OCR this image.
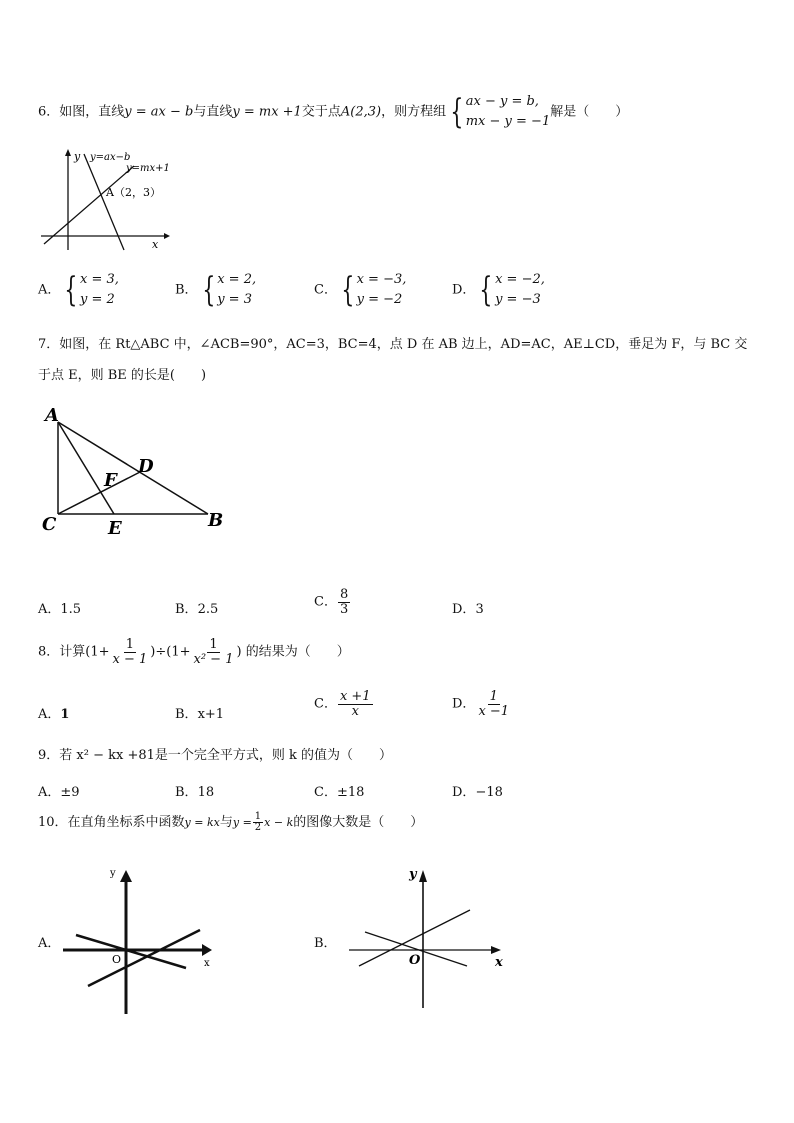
6．如图，直线y = ax − b与直线y = mx +1交于点A(2,3)，则方程组 { ax − y = b,
mx − y = −1
解是（　　）
y y=ax−b
y=mx+1
A（2，3）
x
A． { x = 3,
y = 2
B． { x = 2,
y = 3
C． { x = −3,
y = −2
D． { x = −2,
y = −3
7．如图，在 Rt△ABC 中，∠ACB=90°，AC=3，BC=4，点 D 在 AB 边上，AD=AC，AE⊥CD，垂足为 F，与 BC 交
于点 E，则 BE 的长是(　　)
A
D
F
C	E	B
A．1.5	B．2.5	C． $\frac{8}{3}$	D．3
8．计算$(1+ \frac{1}{x - 1} )\div(1+ \frac{1}{\text{x² − 1}}$ ) 的结果为（　　）
A．1	B．x+1
C． $\frac{x +1}{x}$	D． $\frac{1}{x -1}$
9．若 x² − kx +81是一个完全平方式，则 k 的值为（　　）
A．±9	B．18	C．±18	D．−18
10．在直角坐标系中函数y = kx与$y = \frac{1}{2}$ x − k的图像大数是（　　）
A．
y
O	x
B．
y
O	x
